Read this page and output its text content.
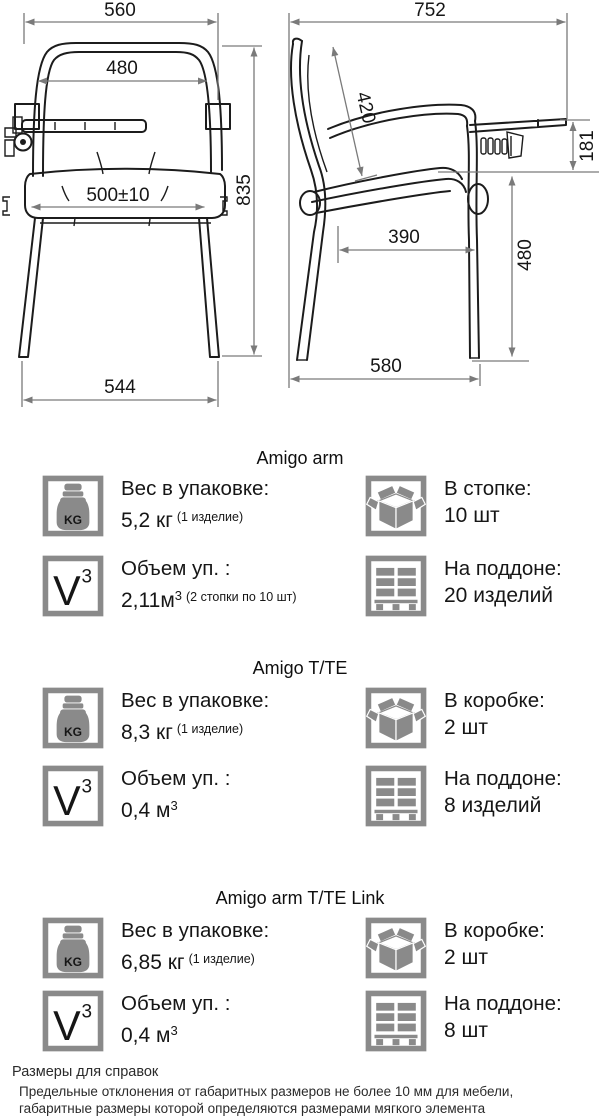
560
480
500±10	835
544
752
420
181
390
480
580
Amigo arm
Вес в упаковке:
5,2 кг $^{(1 изделие)}$
Объем уп. :
$2,11м^3$ $^{(2 стопки по 10 шт)}$
В стопке:
10 шт
На поддоне:
20 изделий
Amigo T/TE
Вес в упаковке:
8,3 кг $^{(1 изделие)}$
Объем уп. :
0,4 $м^3$
В коробке:
2 шт
На поддоне:
8 изделий
Amigo arm T/TE Link
Вес в упаковке:
6,85 кг $^{(1 изделие)}$
Объем уп. :
0,4 $м^3$
В коробке:
2 шт
На поддоне:
8 шт
Размеры для справок
Предельные отклонения от габаритных размеров не более 10 мм для мебели,
габаритные размеры которой определяются размерами мягкого элемента
